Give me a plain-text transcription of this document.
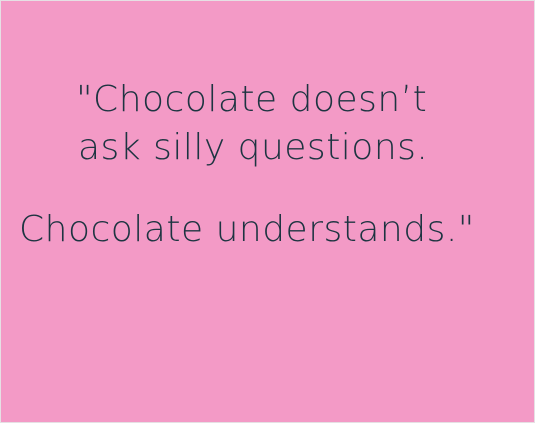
"Chocolate doesn’t

ask silly questions.

Chocolate understands."
